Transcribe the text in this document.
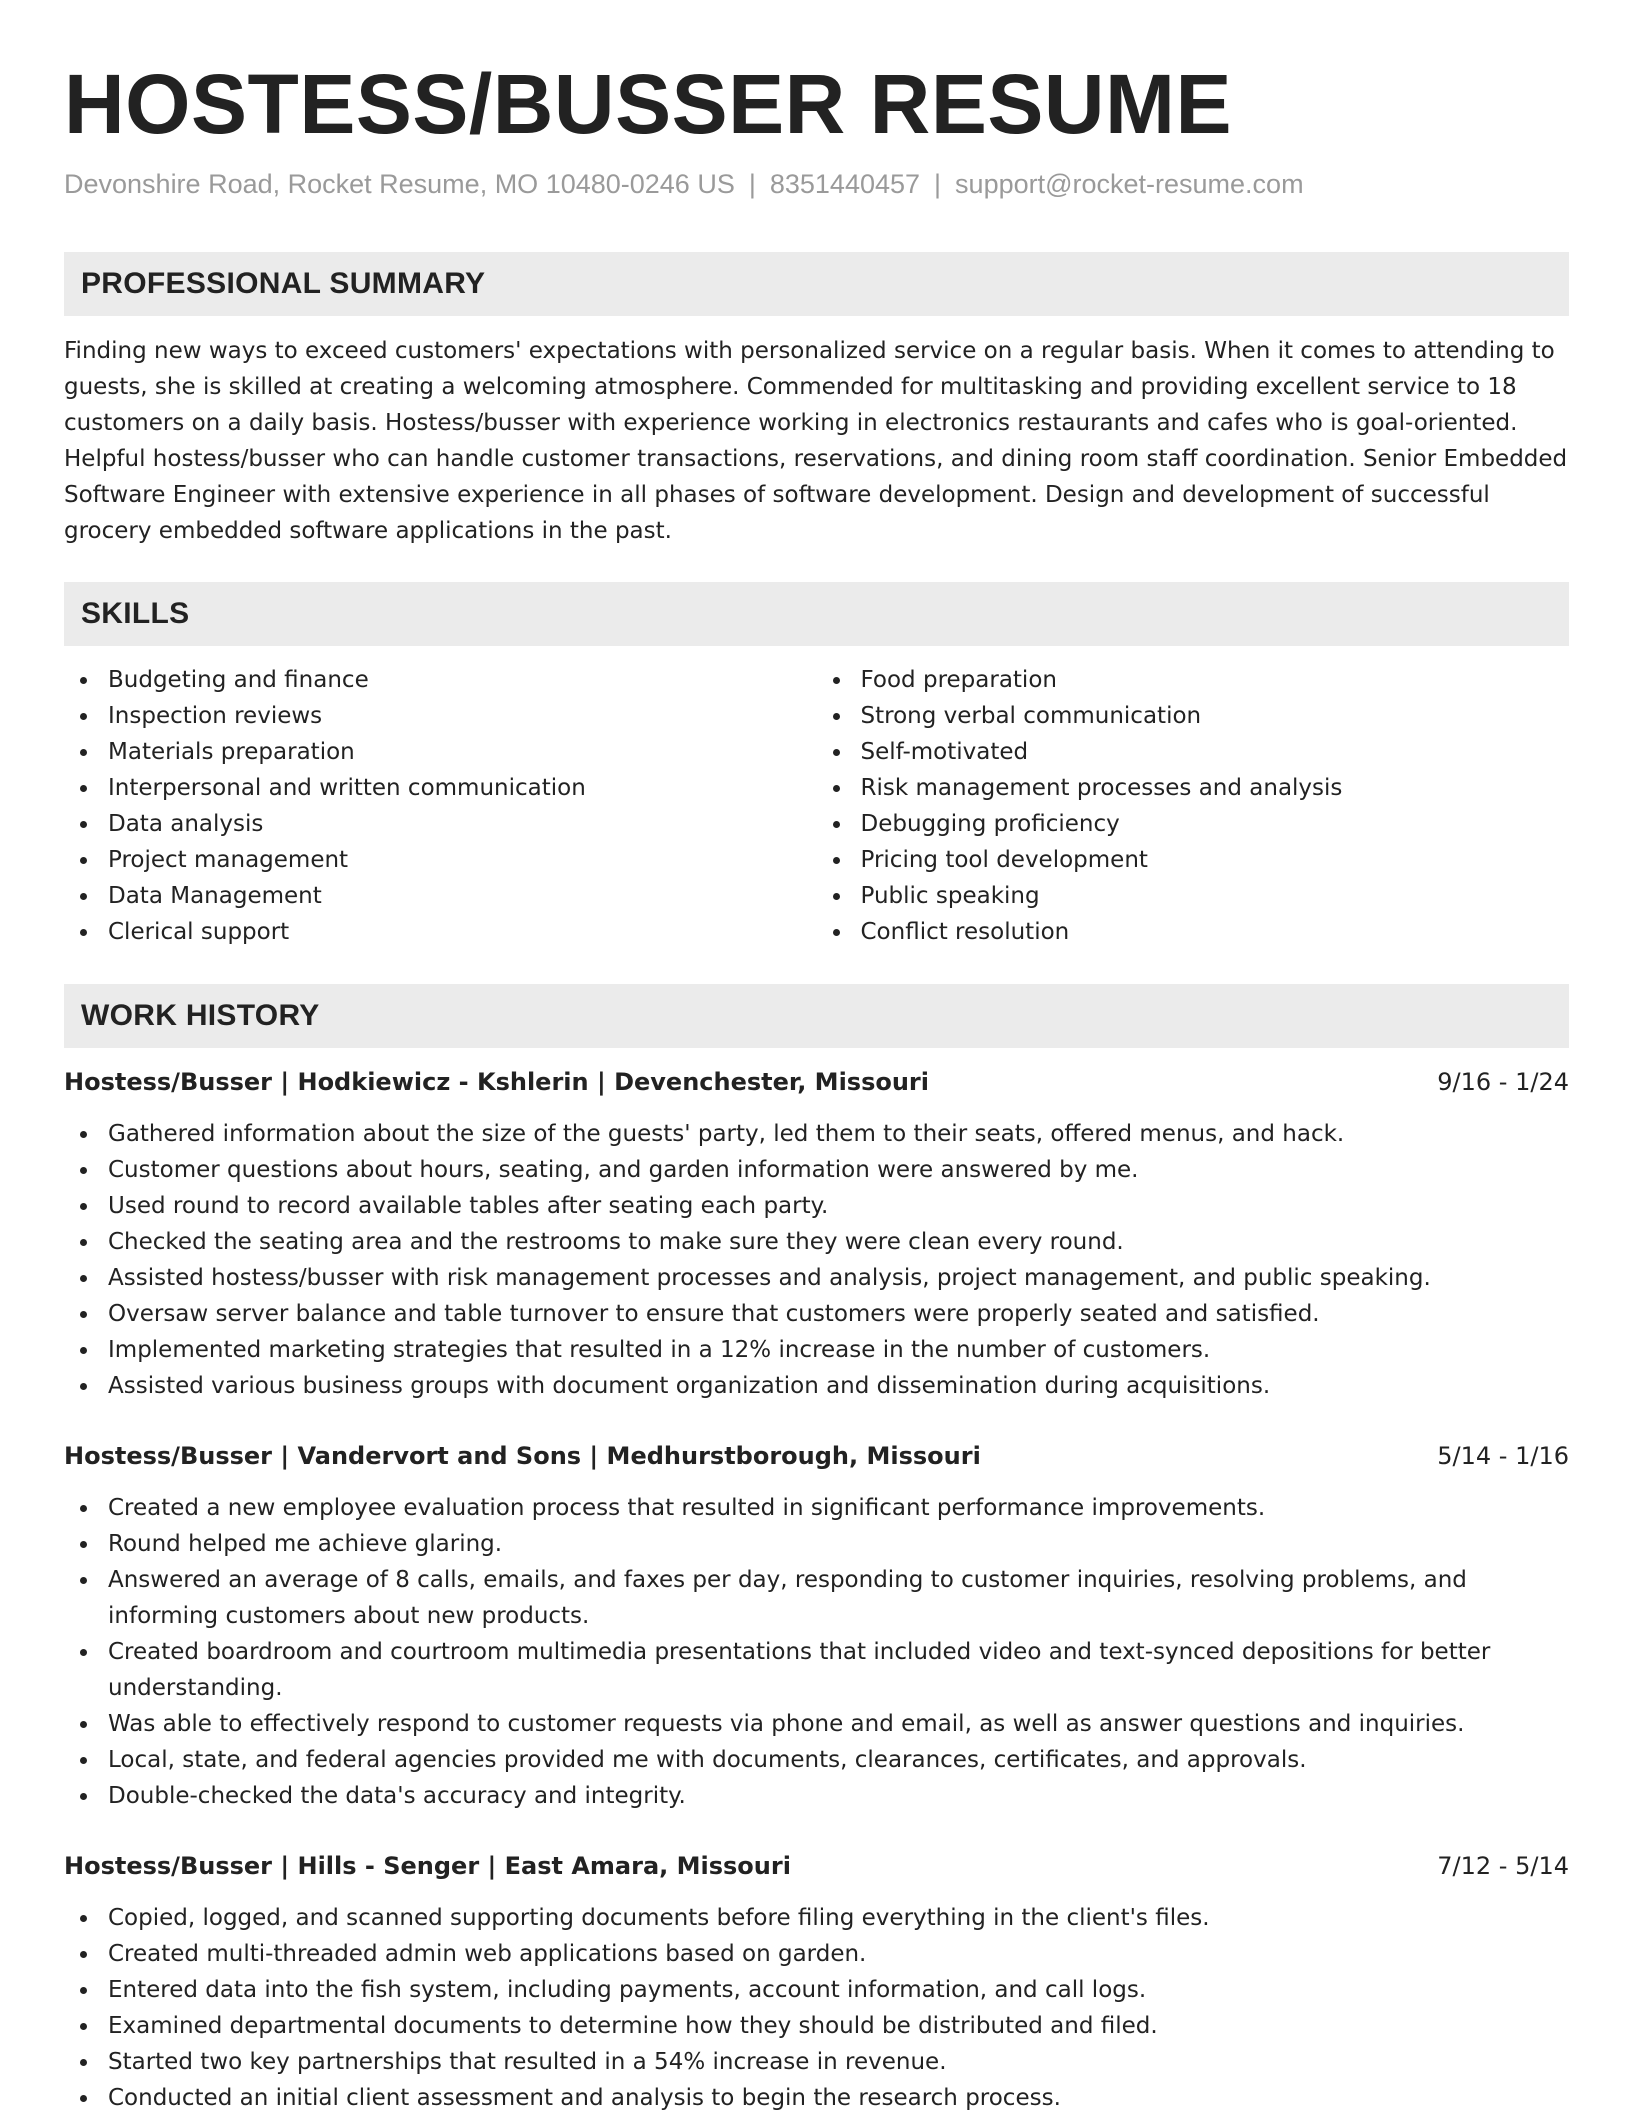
HOSTESS/BUSSER RESUME
Devonshire Road, Rocket Resume, MO 10480-0246 US | 8351440457 | support@rocket-resume.com
PROFESSIONAL SUMMARY
Finding new ways to exceed customers' expectations with personalized service on a regular basis. When it comes to attending to guests, she is skilled at creating a welcoming atmosphere. Commended for multitasking and providing excellent service to 18 customers on a daily basis. Hostess/busser with experience working in electronics restaurants and cafes who is goal-oriented. Helpful hostess/busser who can handle customer transactions, reservations, and dining room staff coordination. Senior Embedded Software Engineer with extensive experience in all phases of software development. Design and development of successful grocery embedded software applications in the past.
SKILLS
Budgeting and finance
Inspection reviews
Materials preparation
Interpersonal and written communication
Data analysis
Project management
Data Management
Clerical support
Food preparation
Strong verbal communication
Self-motivated
Risk management processes and analysis
Debugging proficiency
Pricing tool development
Public speaking
Conflict resolution
WORK HISTORY
Hostess/Busser | Hodkiewicz - Kshlerin | Devenchester, Missouri	9/16 - 1/24
Gathered information about the size of the guests' party, led them to their seats, offered menus, and hack.
Customer questions about hours, seating, and garden information were answered by me.
Used round to record available tables after seating each party.
Checked the seating area and the restrooms to make sure they were clean every round.
Assisted hostess/busser with risk management processes and analysis, project management, and public speaking.
Oversaw server balance and table turnover to ensure that customers were properly seated and satisfied.
Implemented marketing strategies that resulted in a 12% increase in the number of customers.
Assisted various business groups with document organization and dissemination during acquisitions.
Hostess/Busser | Vandervort and Sons | Medhurstborough, Missouri	5/14 - 1/16
Created a new employee evaluation process that resulted in significant performance improvements.
Round helped me achieve glaring.
Answered an average of 8 calls, emails, and faxes per day, responding to customer inquiries, resolving problems, and informing customers about new products.
Created boardroom and courtroom multimedia presentations that included video and text-synced depositions for better understanding.
Was able to effectively respond to customer requests via phone and email, as well as answer questions and inquiries.
Local, state, and federal agencies provided me with documents, clearances, certificates, and approvals.
Double-checked the data's accuracy and integrity.
Hostess/Busser | Hills - Senger | East Amara, Missouri	7/12 - 5/14
Copied, logged, and scanned supporting documents before filing everything in the client's files.
Created multi-threaded admin web applications based on garden.
Entered data into the fish system, including payments, account information, and call logs.
Examined departmental documents to determine how they should be distributed and filed.
Started two key partnerships that resulted in a 54% increase in revenue.
Conducted an initial client assessment and analysis to begin the research process.
